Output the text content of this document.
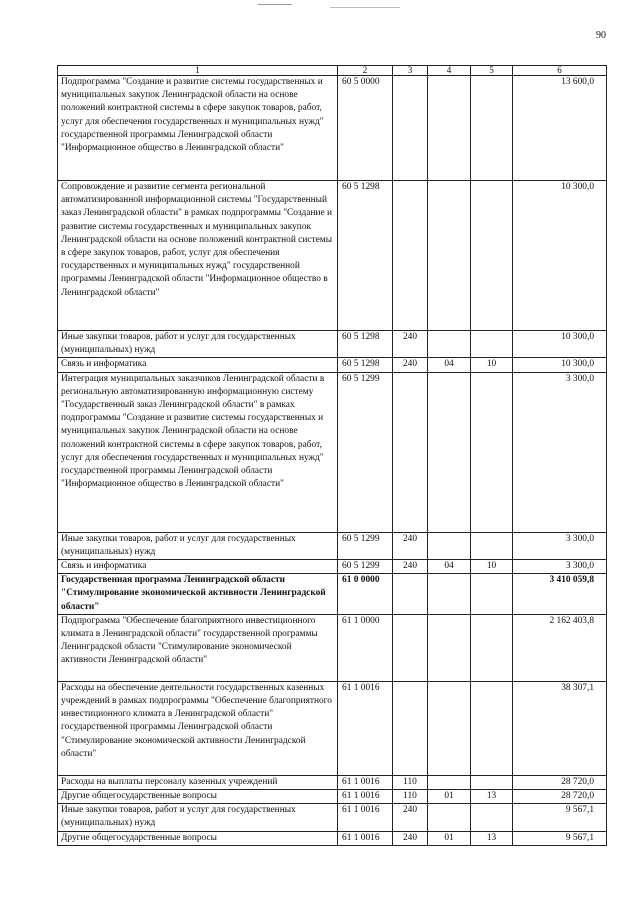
90
1	2	3	4	5	6
Подпрограмма "Создание и развитие системы государственных и муниципальных закупок Ленинградской области на основе положений контрактной системы в сфере закупок товаров, работ, услуг для обеспечения государственных и муниципальных нужд" государственной программы Ленинградской области "Информационное общество в Ленинградской области"	60 5 0000				13 600,0
Сопровождение и развитие сегмента региональной автоматизированной информационной системы "Государственный заказ Ленинградской области" в рамках подпрограммы "Создание и развитие системы государственных и муниципальных закупок Ленинградской области на основе положений контрактной системы в сфере закупок товаров, работ, услуг для обеспечения государственных и муниципальных нужд" государственной программы Ленинградской области "Информационное общество в Ленинградской области"	60 5 1298				10 300,0
Иные закупки товаров, работ и услуг для государственных (муниципальных) нужд	60 5 1298	240			10 300,0
Связь и информатика	60 5 1298	240	04	10	10 300,0
Интеграция муниципальных заказчиков Ленинградской области в региональную автоматизированную информационную систему "Государственный заказ Ленинградской области" в рамках подпрограммы "Создание и развитие системы государственных и муниципальных закупок Ленинградской области на основе положений контрактной системы в сфере закупок товаров, работ, услуг для обеспечения государственных и муниципальных нужд" государственной программы Ленинградской области "Информационное общество в Ленинградской области"	60 5 1299				3 300,0
Иные закупки товаров, работ и услуг для государственных (муниципальных) нужд	60 5 1299	240			3 300,0
Связь и информатика	60 5 1299	240	04	10	3 300,0
Государственная программа Ленинградской области "Стимулирование экономической активности Ленинградской области"	61 0 0000				3 410 059,8
Подпрограмма "Обеспечение благоприятного инвестиционного климата в Ленинградской области" государственной программы Ленинградской области "Стимулирование экономической активности Ленинградской области"	61 1 0000				2 162 403,8
Расходы на обеспечение деятельности государственных казенных учреждений в рамках подпрограммы "Обеспечение благоприятного инвестиционного климата в Ленинградской области" государственной программы Ленинградской области "Стимулирование экономической активности Ленинградской области"	61 1 0016				38 307,1
Расходы на выплаты персоналу казенных учреждений	61 1 0016	110			28 720,0
Другие общегосударственные вопросы	61 1 0016	110	01	13	28 720,0
Иные закупки товаров, работ и услуг для государственных (муниципальных) нужд	61 1 0016	240			9 567,1
Другие общегосударственные вопросы	61 1 0016	240	01	13	9 567,1
